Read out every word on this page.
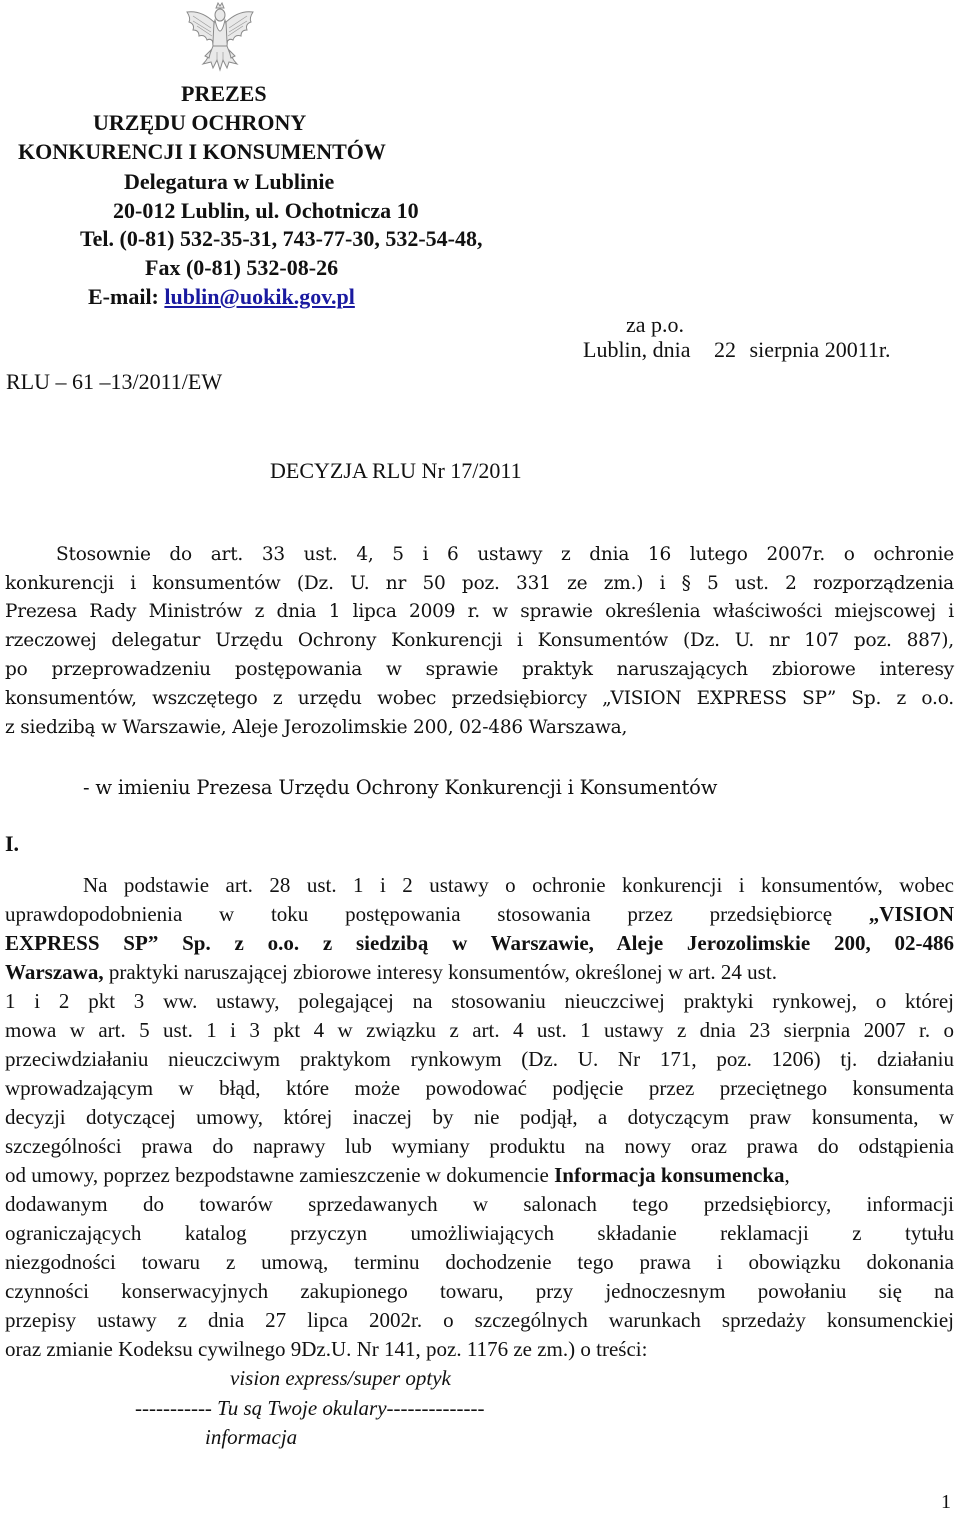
PREZES
URZĘDU OCHRONY
KONKURENCJI I KONSUMENTÓW
Delegatura w Lublinie
20-012 Lublin, ul. Ochotnicza 10
Tel. (0-81) 532-35-31, 743-77-30, 532-54-48,
Fax (0-81) 532-08-26
E-mail: lublin@uokik.gov.pl
za p.o.
Lublin, dnia 22 sierpnia 20011r.
RLU – 61 –13/2011/EW
DECYZJA RLU Nr 17/2011
Stosownie do art. 33 ust. 4, 5 i 6 ustawy z dnia 16 lutego 2007r. o ochronie
konkurencji i konsumentów (Dz. U. nr 50 poz. 331 ze zm.) i § 5 ust. 2 rozporządzenia
Prezesa Rady Ministrów z dnia 1 lipca 2009 r. w sprawie określenia właściwości miejscowej i
rzeczowej delegatur Urzędu Ochrony Konkurencji i Konsumentów (Dz. U. nr 107 poz. 887),
po przeprowadzeniu postępowania w sprawie praktyk naruszających zbiorowe interesy
konsumentów, wszczętego z urzędu wobec przedsiębiorcy „VISION EXPRESS SP” Sp. z o.o.
z siedzibą w Warszawie, Aleje Jerozolimskie 200, 02-486 Warszawa,
- w imieniu Prezesa Urzędu Ochrony Konkurencji i Konsumentów
I.
Na podstawie art. 28 ust. 1 i 2 ustawy o ochronie konkurencji i konsumentów, wobec
uprawdopodobnienia w toku postępowania stosowania przez przedsiębiorcę „VISION
EXPRESS SP” Sp. z o.o. z siedzibą w Warszawie, Aleje Jerozolimskie 200, 02-486
Warszawa, praktyki naruszającej zbiorowe interesy konsumentów, określonej w art. 24 ust.
1 i 2 pkt 3 ww. ustawy, polegającej na stosowaniu nieuczciwej praktyki rynkowej, o której
mowa w art. 5 ust. 1 i 3 pkt 4 w związku z art. 4 ust. 1 ustawy z dnia 23 sierpnia 2007 r. o
przeciwdziałaniu nieuczciwym praktykom rynkowym (Dz. U. Nr 171, poz. 1206) tj. działaniu
wprowadzającym w błąd, które może powodować podjęcie przez przeciętnego konsumenta
decyzji dotyczącej umowy, której inaczej by nie podjął, a dotyczącym praw konsumenta, w
szczególności prawa do naprawy lub wymiany produktu na nowy oraz prawa do odstąpienia
od umowy, poprzez bezpodstawne zamieszczenie w dokumencie Informacja konsumencka,
dodawanym do towarów sprzedawanych w salonach tego przedsiębiorcy, informacji
ograniczających katalog przyczyn umożliwiających składanie reklamacji z tytułu
niezgodności towaru z umową, terminu dochodzenie tego prawa i obowiązku dokonania
czynności konserwacyjnych zakupionego towaru, przy jednoczesnym powołaniu się na
przepisy ustawy z dnia 27 lipca 2002r. o szczególnych warunkach sprzedaży konsumenckiej
oraz zmianie Kodeksu cywilnego 9Dz.U. Nr 141, poz. 1176 ze zm.) o treści:
vision express/super optyk
----------- Tu są Twoje okulary--------------
informacja
1
